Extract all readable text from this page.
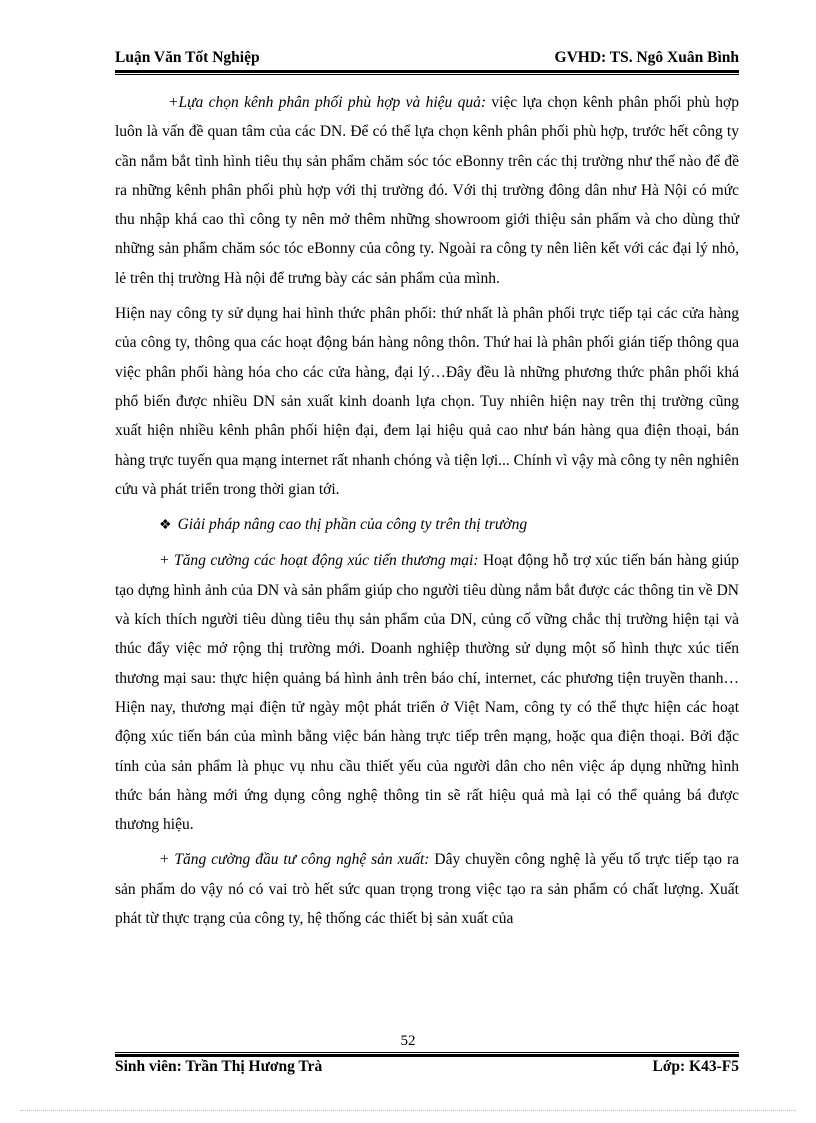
Luận Văn Tốt Nghiệp	GVHD: TS. Ngô Xuân Bình

+Lựa chọn kênh phân phối phù hợp và hiệu quả: việc lựa chọn kênh phân phối phù hợp luôn là vấn đề quan tâm của các DN. Để có thể lựa chọn kênh phân phối phù hợp, trước hết công ty cần nắm bắt tình hình tiêu thụ sản phẩm chăm sóc tóc eBonny trên các thị trường như thế nào để đề ra những kênh phân phối phù hợp với thị trường đó. Với thị trường đông dân như Hà Nội có mức thu nhập khá cao thì công ty nên mở thêm những showroom giới thiệu sản phẩm và cho dùng thử những sản phẩm chăm sóc tóc eBonny của công ty. Ngoài ra công ty nên liên kết với các đại lý nhỏ, lẻ trên thị trường Hà nội để trưng bày các sản phẩm của mình.

Hiện nay công ty sử dụng hai hình thức phân phối: thứ nhất là phân phối trực tiếp tại các cửa hàng của công ty, thông qua các hoạt động bán hàng nông thôn. Thứ hai là phân phối gián tiếp thông qua việc phân phối hàng hóa cho các cửa hàng, đại lý…Đây đều là những phương thức phân phối khá phổ biến được nhiều DN sản xuất kinh doanh lựa chọn. Tuy nhiên hiện nay trên thị trường cũng xuất hiện nhiều kênh phân phối hiện đại, đem lại hiệu quả cao như bán hàng qua điện thoại, bán hàng trực tuyến qua mạng internet rất nhanh chóng và tiện lợi... Chính vì vậy mà công ty nên nghiên cứu và phát triển trong thời gian tới.

❖ Giải pháp nâng cao thị phần của công ty trên thị trường

+ Tăng cường các hoạt động xúc tiến thương mại: Hoạt động hỗ trợ xúc tiến bán hàng giúp tạo dựng hình ảnh của DN và sản phẩm giúp cho người tiêu dùng nắm bắt được các thông tin về DN và kích thích người tiêu dùng tiêu thụ sản phẩm của DN, củng cố vững chắc thị trường hiện tại và thúc đẩy việc mở rộng thị trường mới. Doanh nghiệp thường sử dụng một số hình thực xúc tiến thương mại sau: thực hiện quảng bá hình ảnh trên báo chí, internet, các phương tiện truyền thanh…Hiện nay, thương mại điện tử ngày một phát triển ở Việt Nam, công ty có thể thực hiện các hoạt động xúc tiến bán của mình bằng việc bán hàng trực tiếp trên mạng, hoặc qua điện thoại. Bởi đặc tính của sản phẩm là phục vụ nhu cầu thiết yếu của người dân cho nên việc áp dụng những hình thức bán hàng mới ứng dụng công nghệ thông tin sẽ rất hiệu quả mà lại có thể quảng bá được thương hiệu.

+ Tăng cường đầu tư công nghệ sản xuất: Dây chuyền công nghệ là yếu tố trực tiếp tạo ra sản phẩm do vậy nó có vai trò hết sức quan trọng trong việc tạo ra sản phẩm có chất lượng. Xuất phát từ thực trạng của công ty, hệ thống các thiết bị sản xuất của

52
Sinh viên: Trần Thị Hương Trà	Lớp: K43-F5
